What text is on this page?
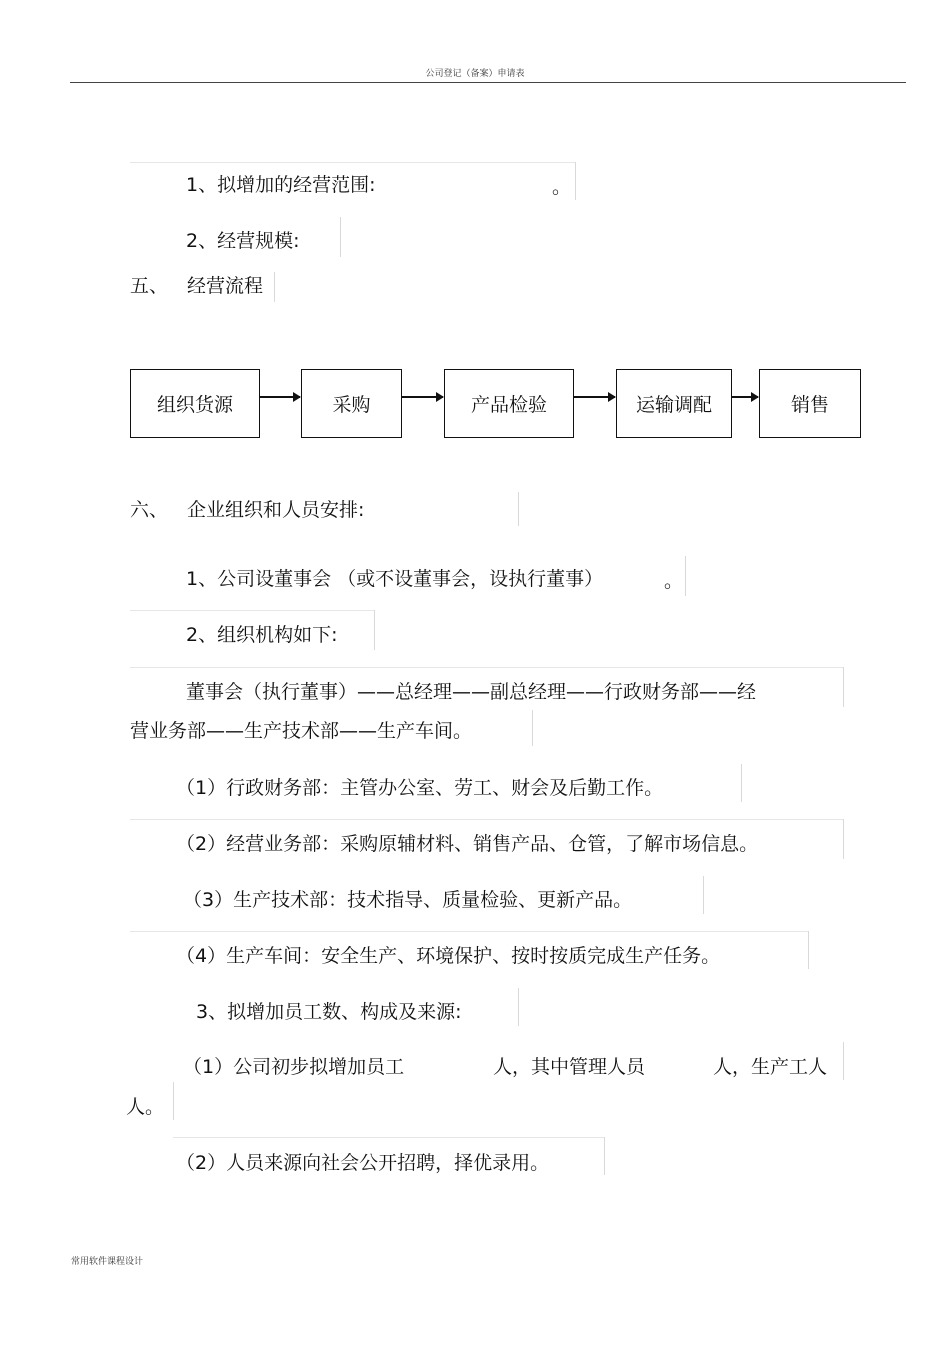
公司登记（备案）申请表
1、拟增加的经营范围:	。
2、经营规模:
五、 经营流程
组织货源	采购	产品检验	运输调配	销售
六、 企业组织和人员安排:
1、公司设董事会 （或不设董事会，设执行董事）	。
2、组织机构如下:
董事会（执行董事）——总经理——副总经理——行政财务部——经
营业务部——生产技术部——生产车间。
（1）行政财务部：主管办公室、劳工、财会及后勤工作。
（2）经营业务部：采购原辅材料、销售产品、仓管，了解市场信息。
（3）生产技术部：技术指导、质量检验、更新产品。
（4）生产车间：安全生产、环境保护、按时按质完成生产任务。
3、拟增加员工数、构成及来源:
（1）公司初步拟增加员工	人，其中管理人员	人，生产工人
人。
（2）人员来源向社会公开招聘，择优录用。
常用软件课程设计
